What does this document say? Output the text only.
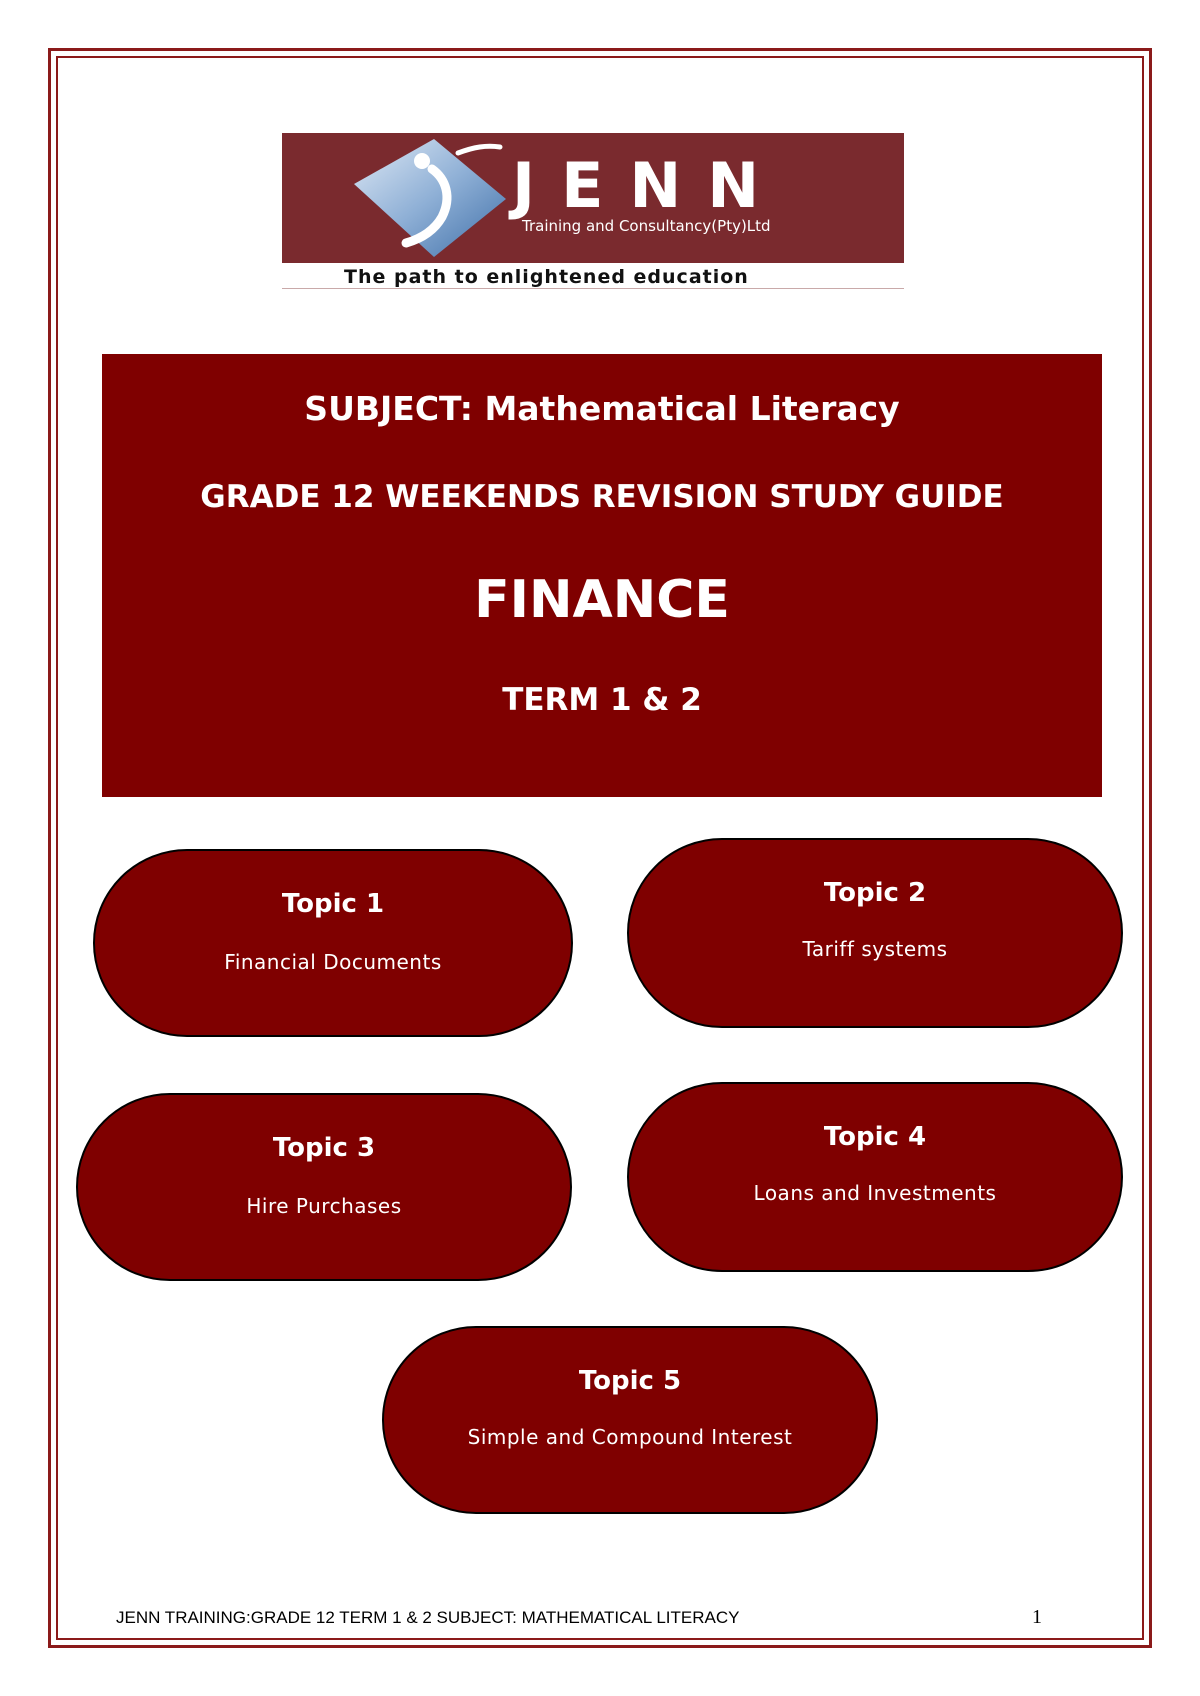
JENN
Training and Consultancy(Pty)Ltd
The path to enlightened education
SUBJECT: Mathematical Literacy
GRADE 12 WEEKENDS REVISION STUDY GUIDE
FINANCE
TERM 1 & 2
Topic 1
Financial Documents
Topic 2
Tariff systems
Topic 3
Hire Purchases
Topic 4
Loans and Investments
Topic 5
Simple and Compound Interest
JENN TRAINING:GRADE 12 TERM 1 & 2 SUBJECT: MATHEMATICAL LITERACY	1
